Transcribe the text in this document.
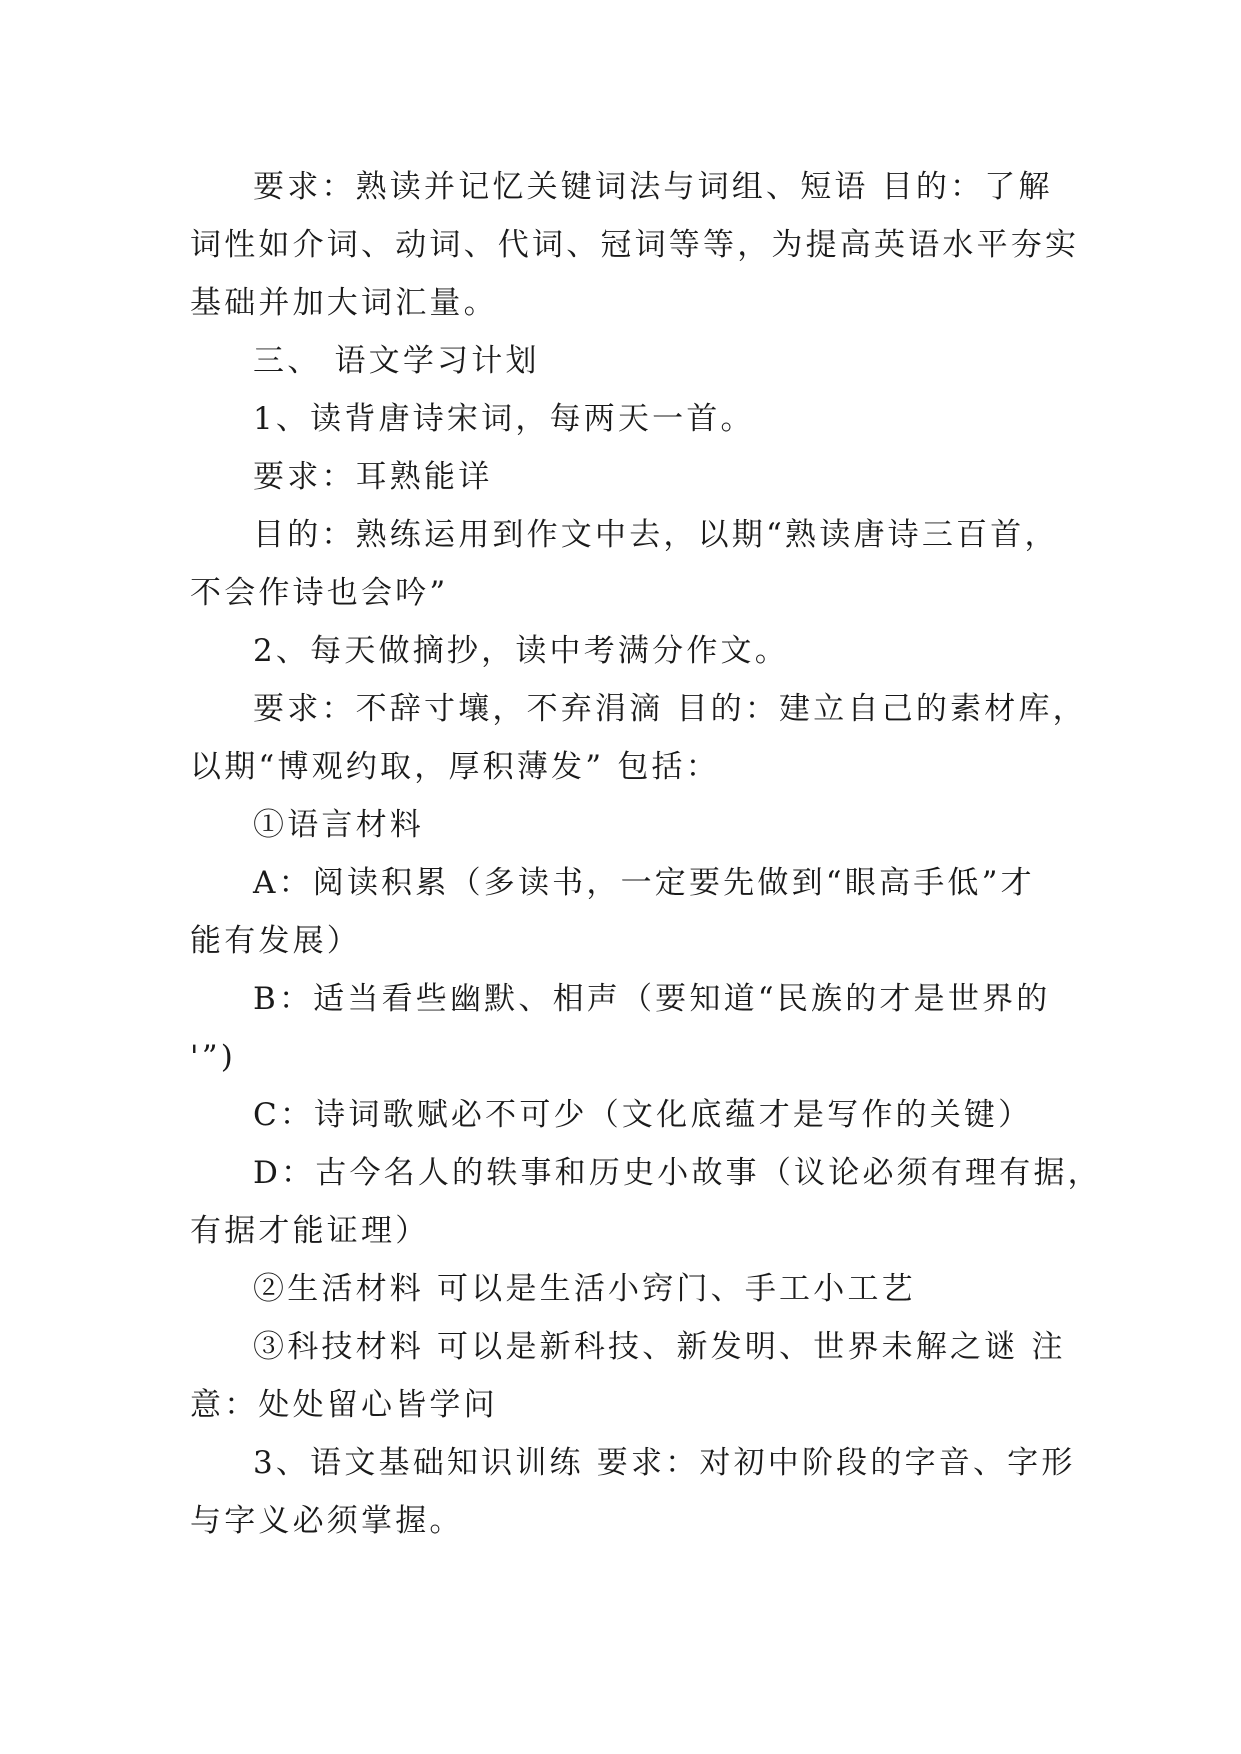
要求：熟读并记忆关键词法与词组、短语 目的：了解
词性如介词、动词、代词、冠词等等，为提高英语水平夯实
基础并加大词汇量。
三、 语文学习计划
1、读背唐诗宋词，每两天一首。
要求：耳熟能详
目的：熟练运用到作文中去，以期“熟读唐诗三百首，
不会作诗也会吟”
2、每天做摘抄，读中考满分作文。
要求：不辞寸壤，不弃涓滴 目的：建立自己的素材库，
以期“博观约取，厚积薄发” 包括：
①语言材料
A：阅读积累（多读书，一定要先做到“眼高手低”才
能有发展）
B：适当看些幽默、相声（要知道“民族的才是世界的
'”)
C：诗词歌赋必不可少（文化底蕴才是写作的关键）
D：古今名人的轶事和历史小故事（议论必须有理有据，
有据才能证理）
②生活材料 可以是生活小窍门、手工小工艺
③科技材料 可以是新科技、新发明、世界未解之谜 注
意：处处留心皆学问
3、语文基础知识训练 要求：对初中阶段的字音、字形
与字义必须掌握。
